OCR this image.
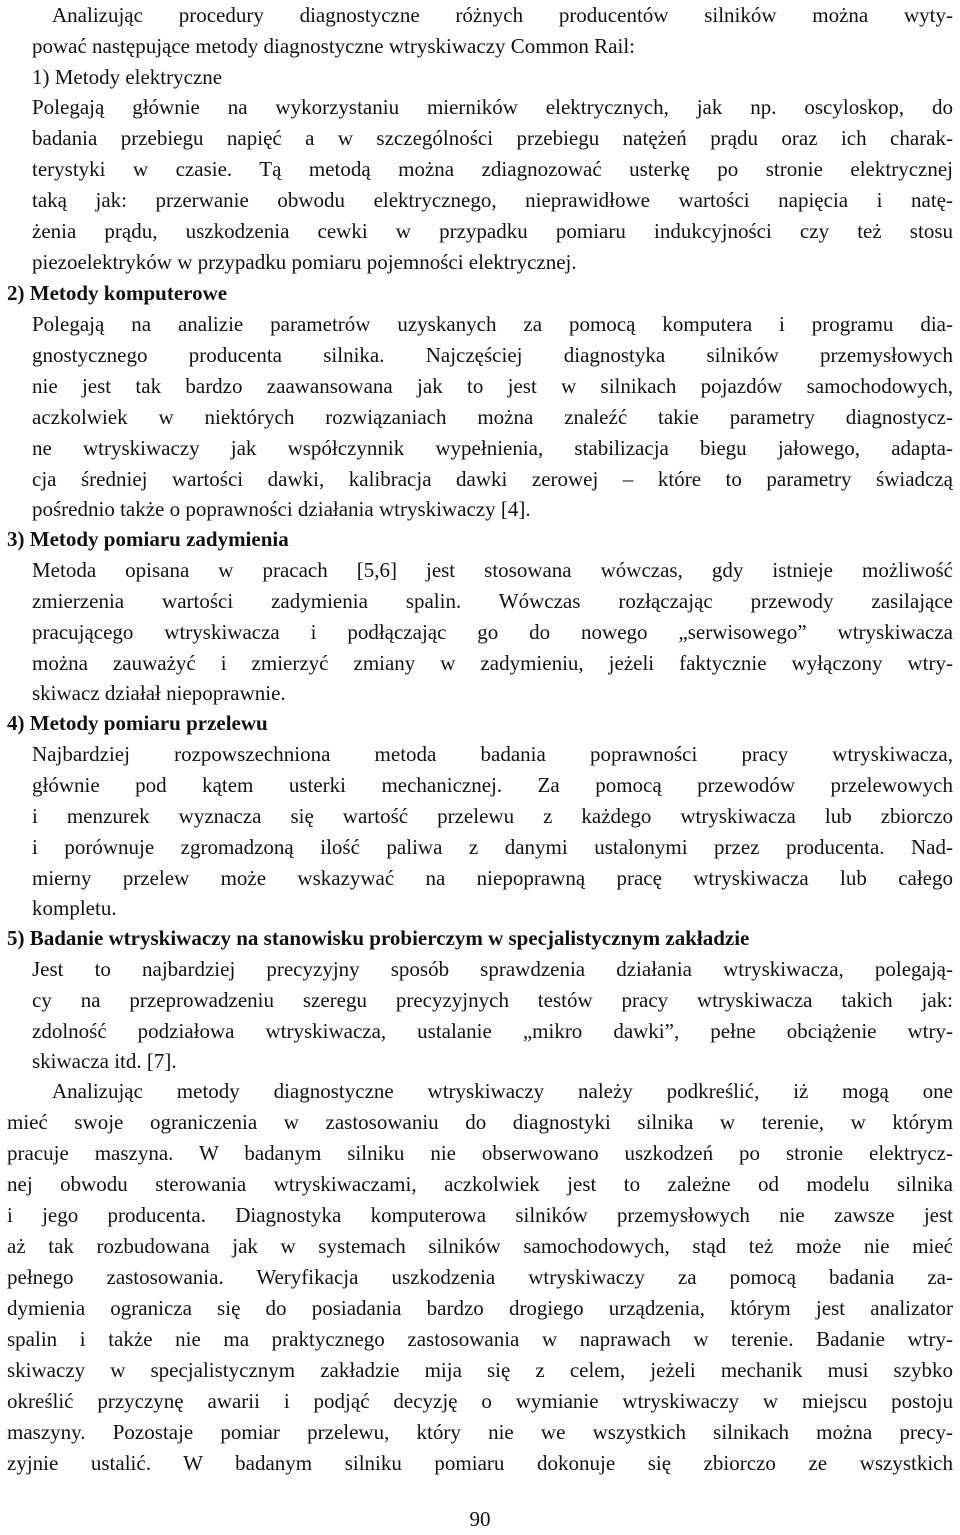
Analizując procedury diagnostyczne różnych producentów silników można wyty-
pować następujące metody diagnostyczne wtryskiwaczy Common Rail:
1) Metody elektryczne
Polegają głównie na wykorzystaniu mierników elektrycznych, jak np. oscyloskop, do
badania przebiegu napięć a w szczególności przebiegu natężeń prądu oraz ich charak-
terystyki w czasie. Tą metodą można zdiagnozować usterkę po stronie elektrycznej
taką jak: przerwanie obwodu elektrycznego, nieprawidłowe wartości napięcia i natę-
żenia prądu, uszkodzenia cewki w przypadku pomiaru indukcyjności czy też stosu
piezoelektryków w przypadku pomiaru pojemności elektrycznej.
2) Metody komputerowe
Polegają na analizie parametrów uzyskanych za pomocą komputera i programu dia-
gnostycznego producenta silnika. Najczęściej diagnostyka silników przemysłowych
nie jest tak bardzo zaawansowana jak to jest w silnikach pojazdów samochodowych,
aczkolwiek w niektórych rozwiązaniach można znaleźć takie parametry diagnostycz-
ne wtryskiwaczy jak współczynnik wypełnienia, stabilizacja biegu jałowego, adapta-
cja średniej wartości dawki, kalibracja dawki zerowej – które to parametry świadczą
pośrednio także o poprawności działania wtryskiwaczy [4].
3) Metody pomiaru zadymienia
Metoda opisana w pracach [5,6] jest stosowana wówczas, gdy istnieje możliwość
zmierzenia wartości zadymienia spalin. Wówczas rozłączając przewody zasilające
pracującego wtryskiwacza i podłączając go do nowego „serwisowego” wtryskiwacza
można zauważyć i zmierzyć zmiany w zadymieniu, jeżeli faktycznie wyłączony wtry-
skiwacz działał niepoprawnie.
4) Metody pomiaru przelewu
Najbardziej rozpowszechniona metoda badania poprawności pracy wtryskiwacza,
głównie pod kątem usterki mechanicznej. Za pomocą przewodów przelewowych
i menzurek wyznacza się wartość przelewu z każdego wtryskiwacza lub zbiorczo
i porównuje zgromadzoną ilość paliwa z danymi ustalonymi przez producenta. Nad-
mierny przelew może wskazywać na niepoprawną pracę wtryskiwacza lub całego
kompletu.
5) Badanie wtryskiwaczy na stanowisku probierczym w specjalistycznym zakładzie
Jest to najbardziej precyzyjny sposób sprawdzenia działania wtryskiwacza, polegają-
cy na przeprowadzeniu szeregu precyzyjnych testów pracy wtryskiwacza takich jak:
zdolność podziałowa wtryskiwacza, ustalanie „mikro dawki”, pełne obciążenie wtry-
skiwacza itd. [7].
Analizując metody diagnostyczne wtryskiwaczy należy podkreślić, iż mogą one
mieć swoje ograniczenia w zastosowaniu do diagnostyki silnika w terenie, w którym
pracuje maszyna. W badanym silniku nie obserwowano uszkodzeń po stronie elektrycz-
nej obwodu sterowania wtryskiwaczami, aczkolwiek jest to zależne od modelu silnika
i jego producenta. Diagnostyka komputerowa silników przemysłowych nie zawsze jest
aż tak rozbudowana jak w systemach silników samochodowych, stąd też może nie mieć
pełnego zastosowania. Weryfikacja uszkodzenia wtryskiwaczy za pomocą badania za-
dymienia ogranicza się do posiadania bardzo drogiego urządzenia, którym jest analizator
spalin i także nie ma praktycznego zastosowania w naprawach w terenie. Badanie wtry-
skiwaczy w specjalistycznym zakładzie mija się z celem, jeżeli mechanik musi szybko
określić przyczynę awarii i podjąć decyzję o wymianie wtryskiwaczy w miejscu postoju
maszyny. Pozostaje pomiar przelewu, który nie we wszystkich silnikach można precy-
zyjnie ustalić. W badanym silniku pomiaru dokonuje się zbiorczo ze wszystkich
90
